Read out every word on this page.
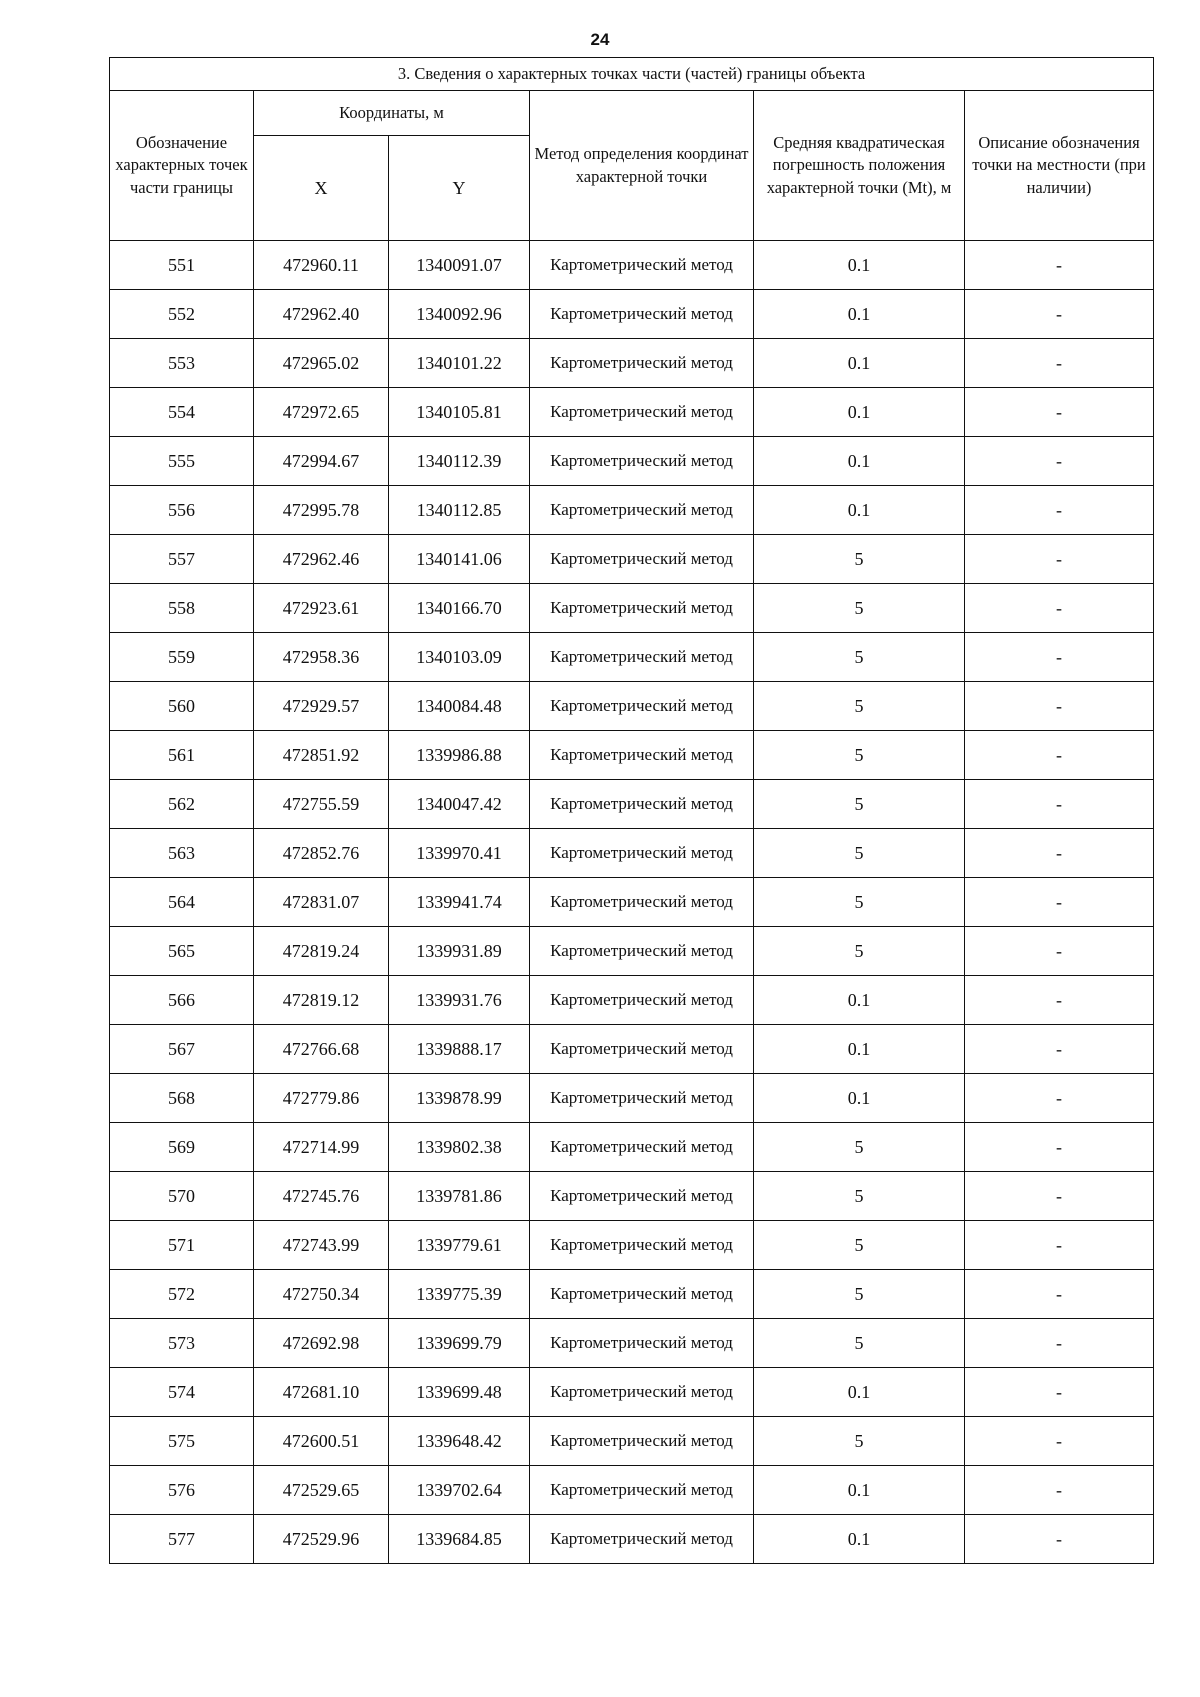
24
3. Сведения о характерных точках части (частей) границы объекта					
Обозначение характерных точек части границы	Координаты, м		Метод определения координат характерной точки	Средняя квадратическая погрешность положения характерной точки (Mt), м	Описание обозначения точки на местности (при наличии)
	X	Y			
551	472960.11	1340091.07	Картометрический метод	0.1	-
552	472962.40	1340092.96	Картометрический метод	0.1	-
553	472965.02	1340101.22	Картометрический метод	0.1	-
554	472972.65	1340105.81	Картометрический метод	0.1	-
555	472994.67	1340112.39	Картометрический метод	0.1	-
556	472995.78	1340112.85	Картометрический метод	0.1	-
557	472962.46	1340141.06	Картометрический метод	5	-
558	472923.61	1340166.70	Картометрический метод	5	-
559	472958.36	1340103.09	Картометрический метод	5	-
560	472929.57	1340084.48	Картометрический метод	5	-
561	472851.92	1339986.88	Картометрический метод	5	-
562	472755.59	1340047.42	Картометрический метод	5	-
563	472852.76	1339970.41	Картометрический метод	5	-
564	472831.07	1339941.74	Картометрический метод	5	-
565	472819.24	1339931.89	Картометрический метод	5	-
566	472819.12	1339931.76	Картометрический метод	0.1	-
567	472766.68	1339888.17	Картометрический метод	0.1	-
568	472779.86	1339878.99	Картометрический метод	0.1	-
569	472714.99	1339802.38	Картометрический метод	5	-
570	472745.76	1339781.86	Картометрический метод	5	-
571	472743.99	1339779.61	Картометрический метод	5	-
572	472750.34	1339775.39	Картометрический метод	5	-
573	472692.98	1339699.79	Картометрический метод	5	-
574	472681.10	1339699.48	Картометрический метод	0.1	-
575	472600.51	1339648.42	Картометрический метод	5	-
576	472529.65	1339702.64	Картометрический метод	0.1	-
577	472529.96	1339684.85	Картометрический метод	0.1	-
